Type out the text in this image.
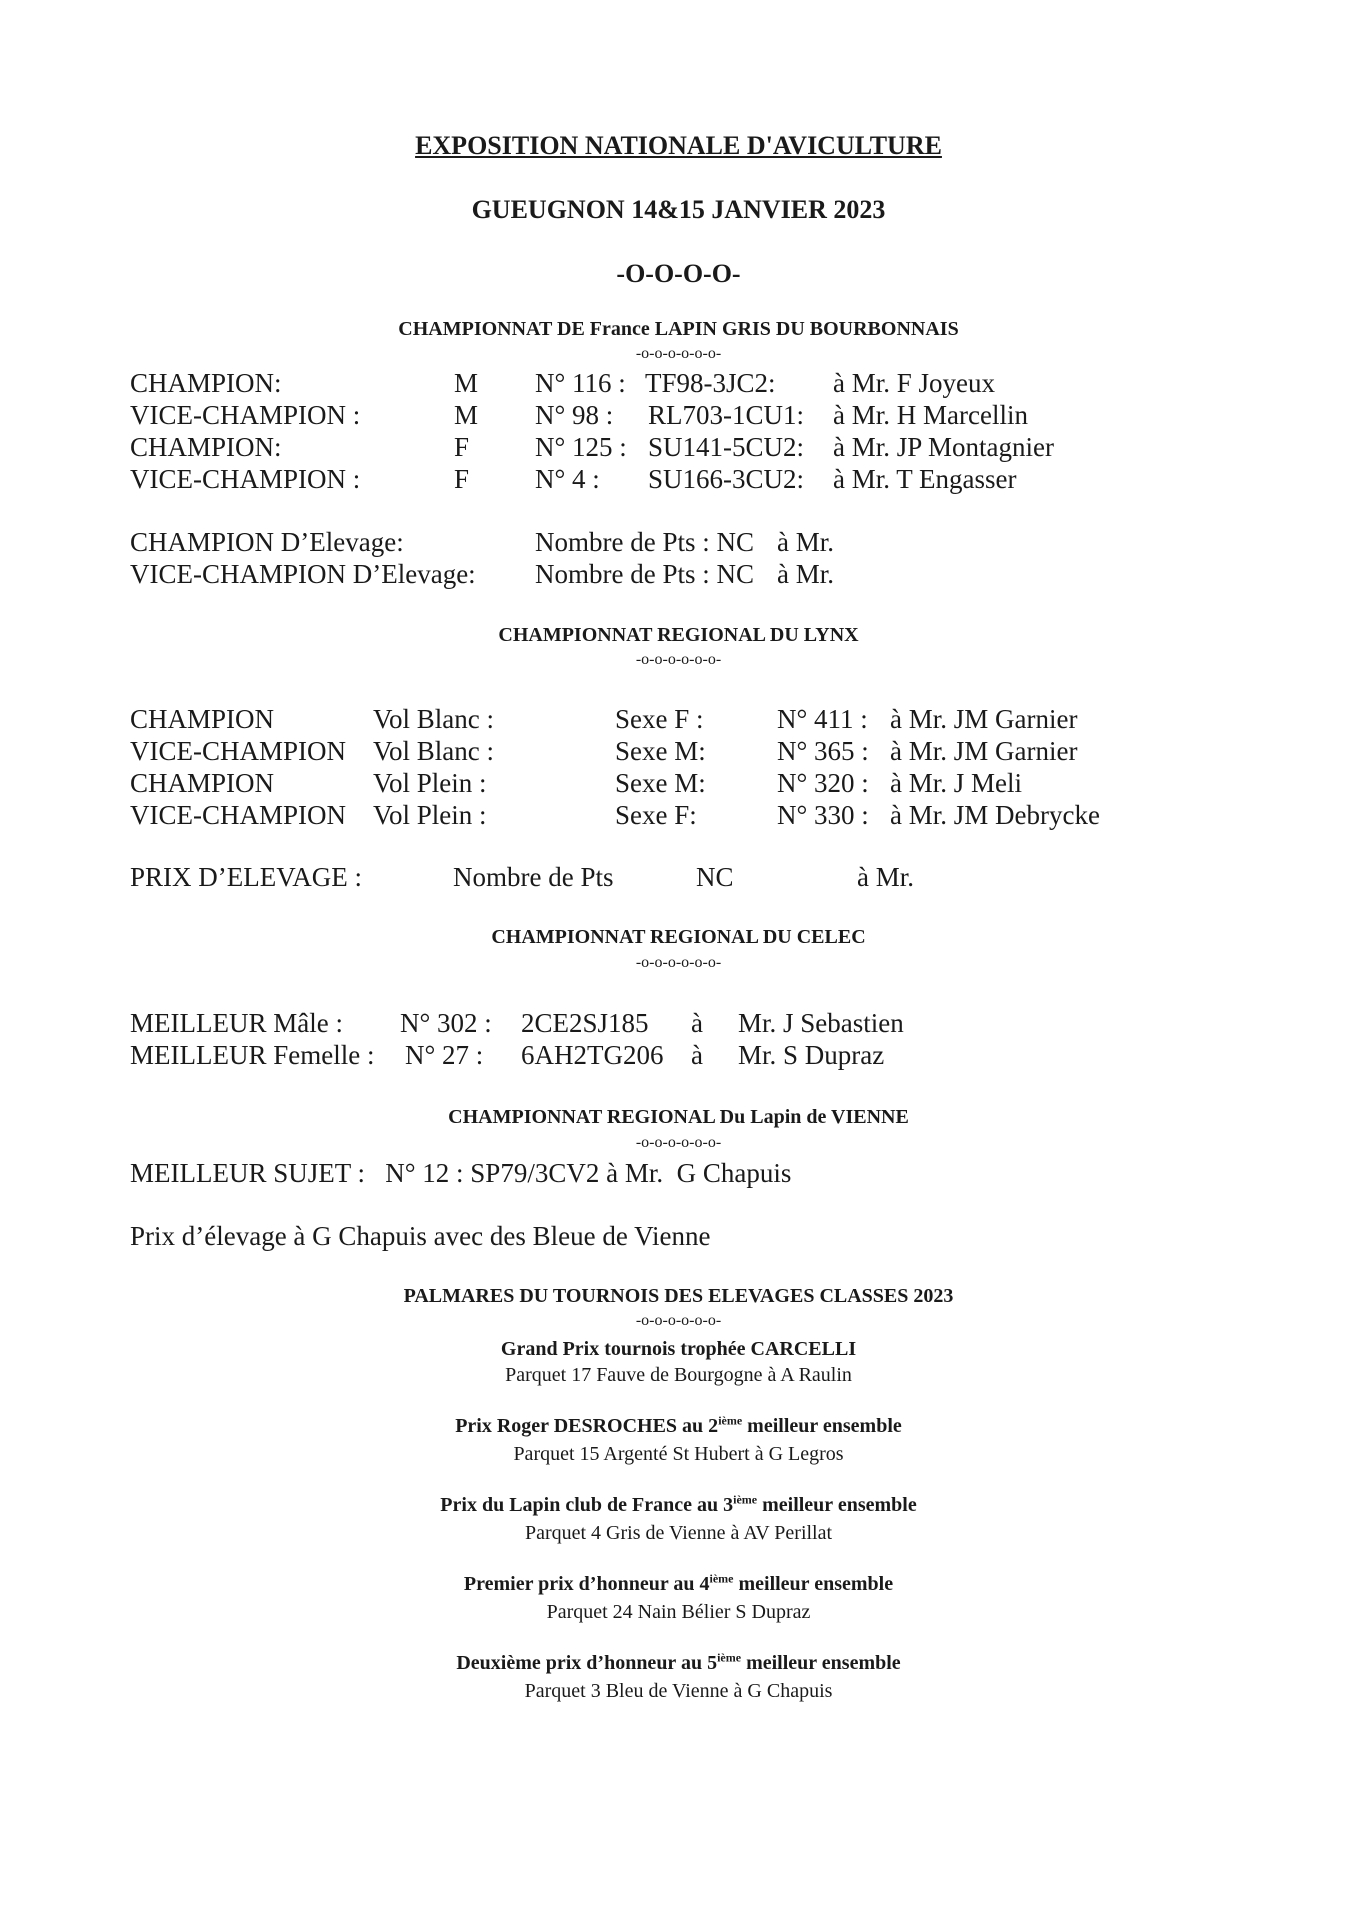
EXPOSITION NATIONALE D'AVICULTURE
GUEUGNON 14&15 JANVIER 2023
-O-O-O-O-
CHAMPIONNAT DE France LAPIN GRIS DU BOURBONNAIS
-o-o-o-o-o-o-
CHAMPION:	M N° 116 : TF98-3JC2: à Mr. F Joyeux
VICE-CHAMPION :	M N° 98 : RL703-1CU1: à Mr. H Marcellin
CHAMPION:	F N° 125 : SU141-5CU2: à Mr. JP Montagnier
VICE-CHAMPION :	F N° 4 : SU166-3CU2: à Mr. T Engasser
CHAMPION D’Elevage:	Nombre de Pts : NC à Mr.
VICE-CHAMPION D’Elevage: Nombre de Pts : NC à Mr.
CHAMPIONNAT REGIONAL DU LYNX
-o-o-o-o-o-o-
CHAMPION	Vol Blanc :	Sexe F :	N° 411 : à Mr. JM Garnier
VICE-CHAMPION Vol Blanc :	Sexe M:	N° 365 : à Mr. JM Garnier
CHAMPION	Vol Plein :	Sexe M:	N° 320 : à Mr. J Meli
VICE-CHAMPION Vol Plein :	Sexe F:	N° 330 : à Mr. JM Debrycke
PRIX D’ELEVAGE :	Nombre de Pts	NC	à Mr.
CHAMPIONNAT REGIONAL DU CELEC
-o-o-o-o-o-o-
MEILLEUR Mâle : N° 302 : 2CE2SJ185 à Mr. J Sebastien
MEILLEUR Femelle : N° 27 : 6AH2TG206 à Mr. S Dupraz
CHAMPIONNAT REGIONAL Du Lapin de VIENNE
-o-o-o-o-o-o-
MEILLEUR SUJET :   N° 12 : SP79/3CV2 à Mr.  G Chapuis
Prix d’élevage à G Chapuis avec des Bleue de Vienne
PALMARES DU TOURNOIS DES ELEVAGES CLASSES 2023
-o-o-o-o-o-o-
Grand Prix tournois trophée CARCELLI
Parquet 17 Fauve de Bourgogne à A Raulin
Prix Roger DESROCHES au 2ième meilleur ensemble
Parquet 15 Argenté St Hubert à G Legros
Prix du Lapin club de France au 3ième meilleur ensemble
Parquet 4 Gris de Vienne à AV Perillat
Premier prix d’honneur au 4ième meilleur ensemble
Parquet 24 Nain Bélier S Dupraz
Deuxième prix d’honneur au 5ième meilleur ensemble
Parquet 3 Bleu de Vienne à G Chapuis
